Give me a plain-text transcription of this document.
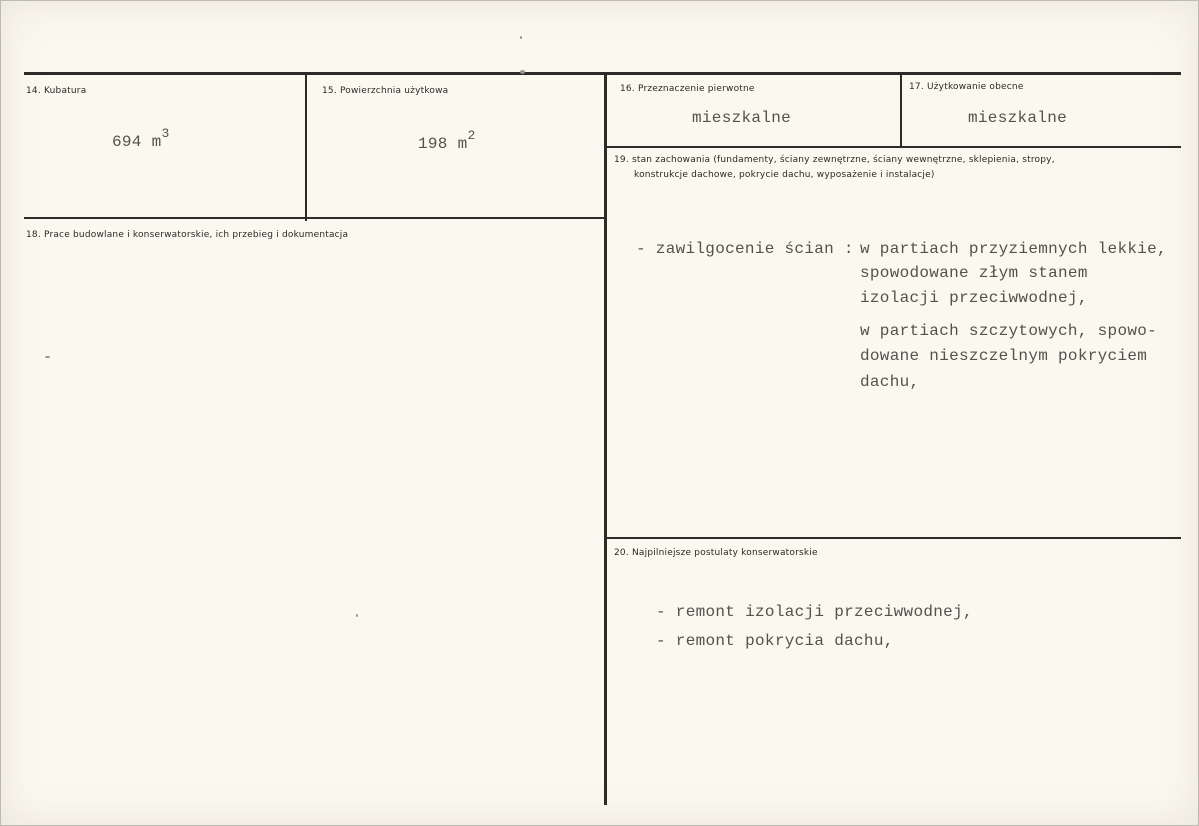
14. Kubatura
694 $m^3$
15. Powierzchnia użytkowa
198 $m^2$
16. Przeznaczenie pierwotne
mieszkalne
17. Użytkowanie obecne
mieszkalne
18. Prace budowlane i konserwatorskie, ich przebieg i dokumentacja
19. stan zachowania (fundamenty, ściany zewnętrzne, ściany wewnętrzne, sklepienia, stropy,
konstrukcje dachowe, pokrycie dachu, wyposażenie i instalacje)
- zawilgocenie ścian : w partiach przyziemnych lekkie,
spowodowane złym stanem
izolacji przeciwwodnej,
w partiach szczytowych, spowo-
dowane nieszczelnym pokryciem
dachu,
20. Najpilniejsze postulaty konserwatorskie
- remont izolacji przeciwwodnej,
- remont pokrycia dachu,
